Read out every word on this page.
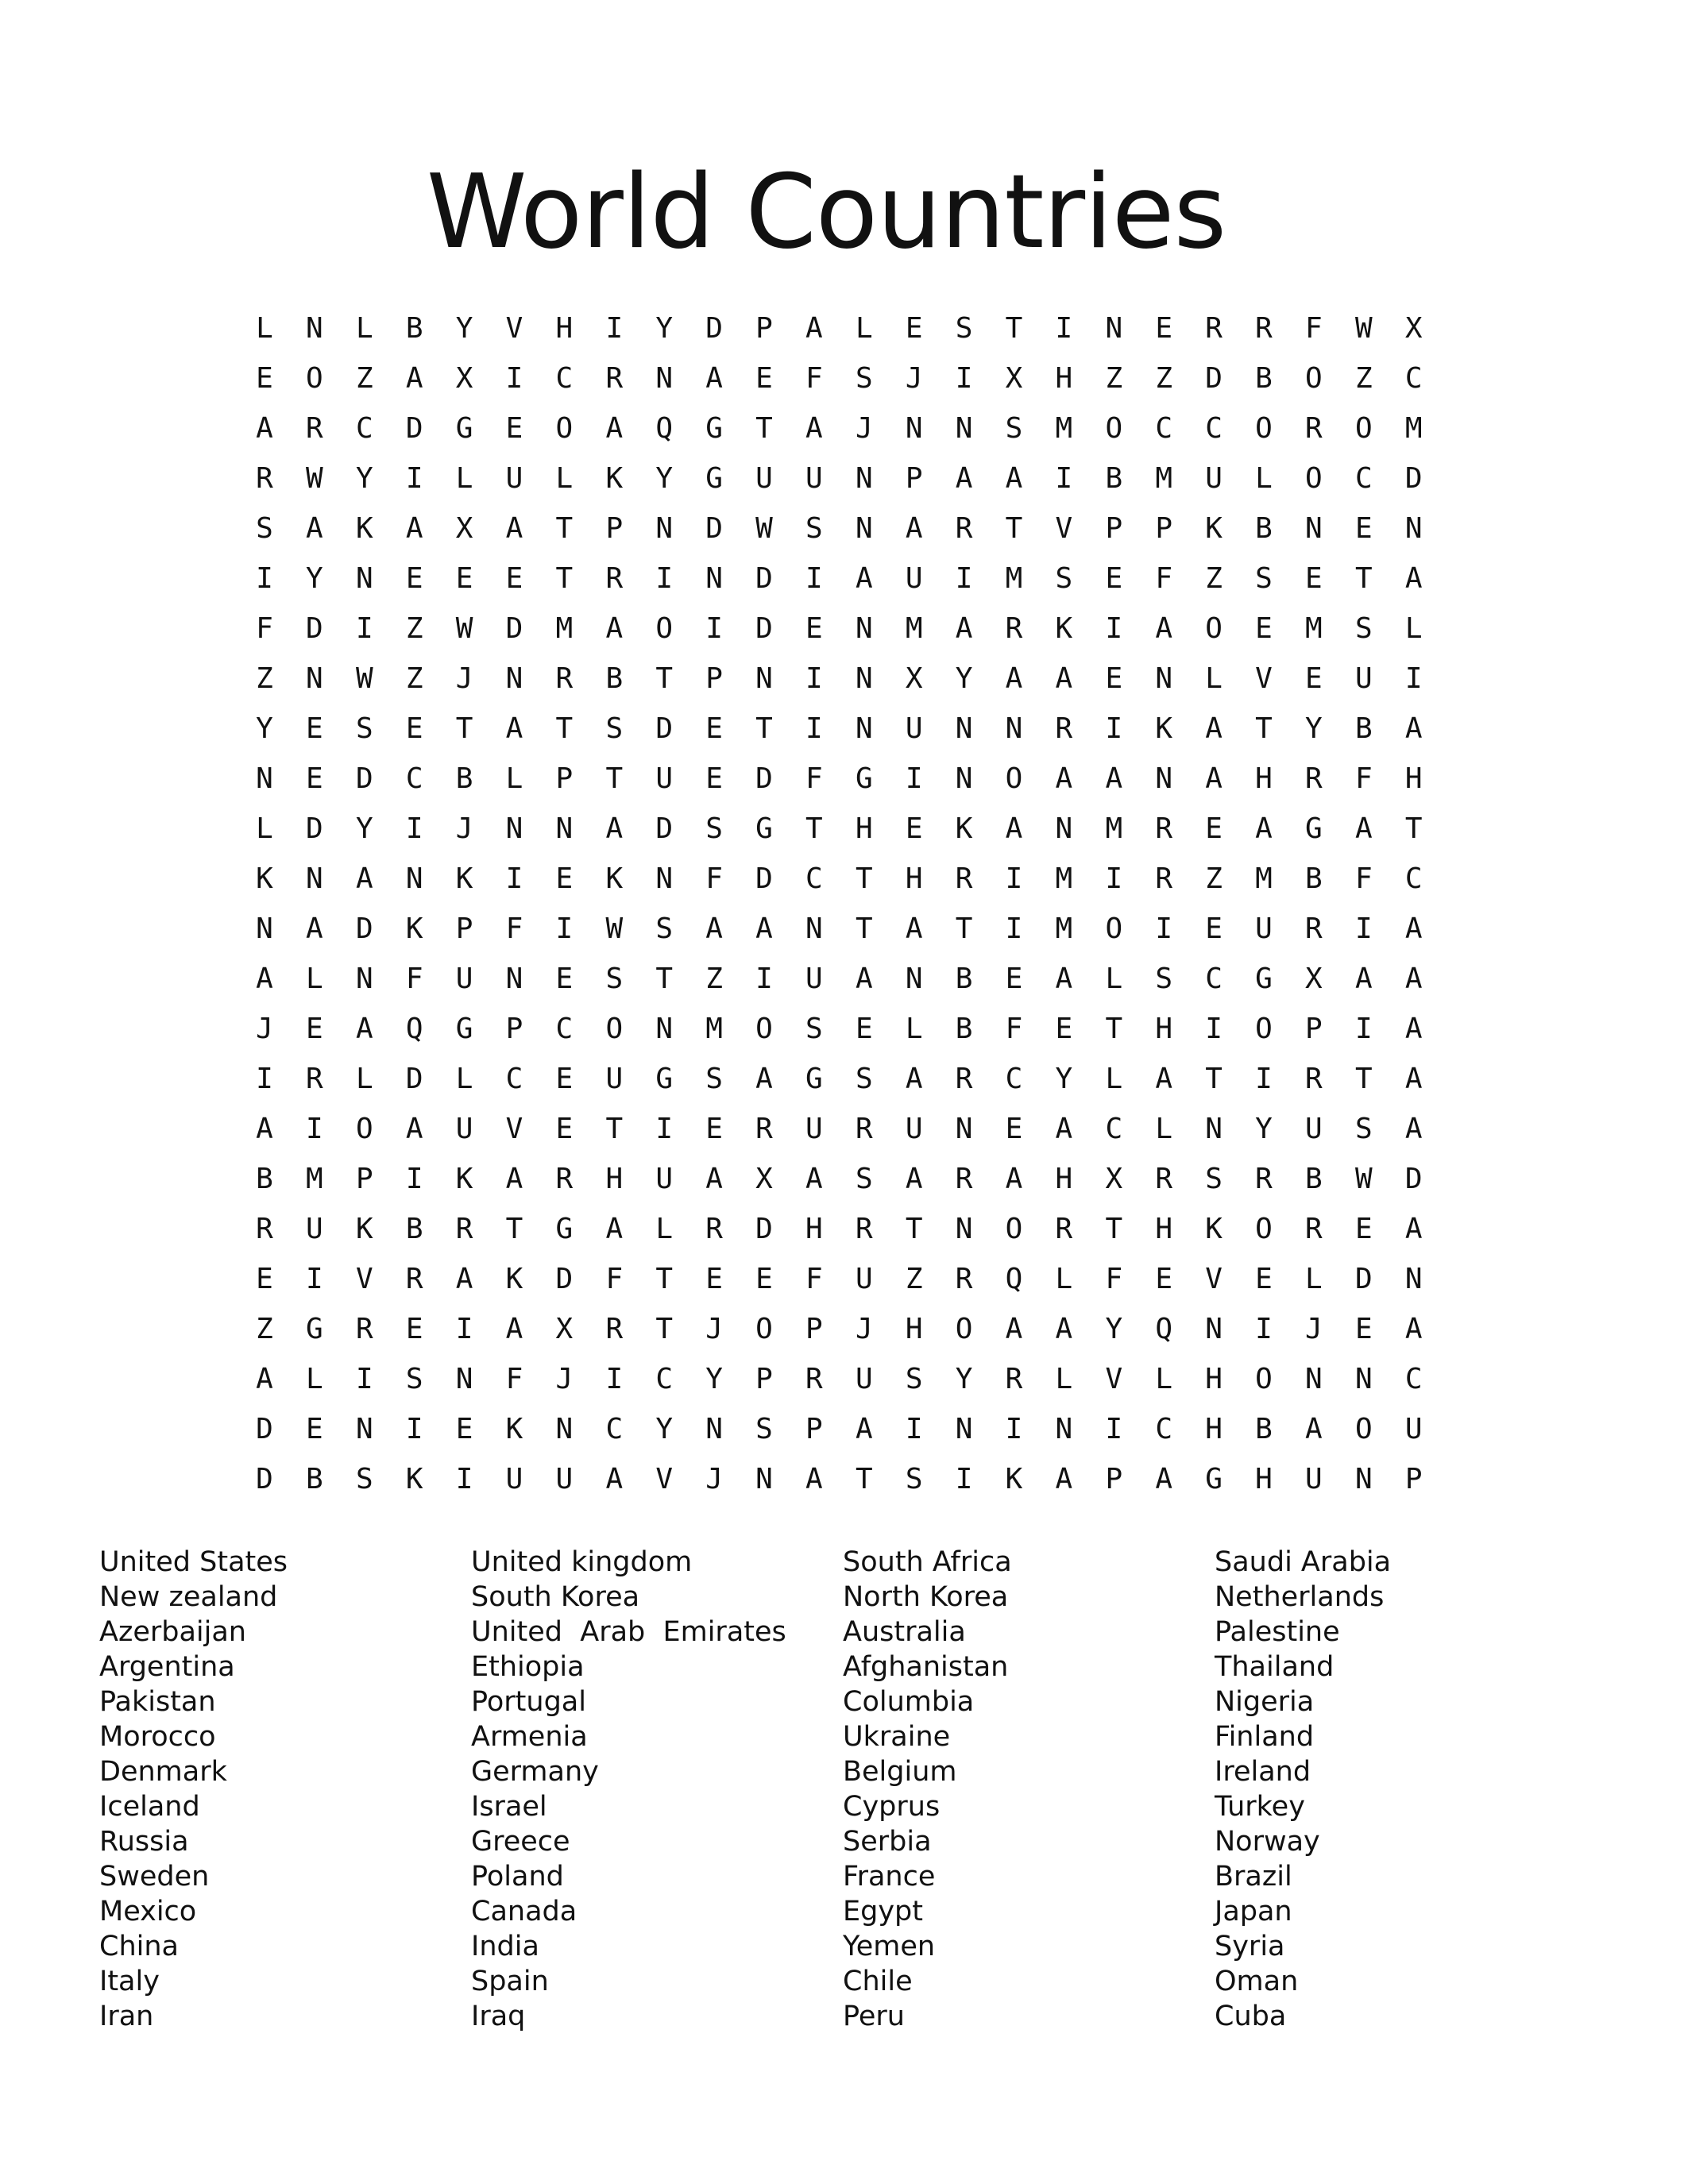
World Countries
L N L B Y V H I Y D P A L E S T I N E R R F W X
E O Z A X I C R N A E F S J I X H Z Z D B O Z C
A R C D G E O A Q G T A J N N S M O C C O R O M
R W Y I L U L K Y G U U N P A A I B M U L O C D
S A K A X A T P N D W S N A R T V P P K B N E N
I Y N E E E T R I N D I A U I M S E F Z S E T A
F D I Z W D M A O I D E N M A R K I A O E M S L
Z N W Z J N R B T P N I N X Y A A E N L V E U I
Y E S E T A T S D E T I N U N N R I K A T Y B A
N E D C B L P T U E D F G I N O A A N A H R F H
L D Y I J N N A D S G T H E K A N M R E A G A T
K N A N K I E K N F D C T H R I M I R Z M B F C
N A D K P F I W S A A N T A T I M O I E U R I A
A L N F U N E S T Z I U A N B E A L S C G X A A
J E A Q G P C O N M O S E L B F E T H I O P I A
I R L D L C E U G S A G S A R C Y L A T I R T A
A I O A U V E T I E R U R U N E A C L N Y U S A
B M P I K A R H U A X A S A R A H X R S R B W D
R U K B R T G A L R D H R T N O R T H K O R E A
E I V R A K D F T E E F U Z R Q L F E V E L D N
Z G R E I A X R T J O P J H O A A Y Q N I J E A
A L I S N F J I C Y P R U S Y R L V L H O N N C
D E N I E K N C Y N S P A I N I N I C H B A O U
D B S K I U U A V J N A T S I K A P A G H U N P
United States
New zealand
Azerbaijan
Argentina
Pakistan
Morocco
Denmark
Iceland
Russia
Sweden
Mexico
China
Italy
Iran
United kingdom
South Korea
United  Arab  Emirates
Ethiopia
Portugal
Armenia
Germany
Israel
Greece
Poland
Canada
India
Spain
Iraq
South Africa
North Korea
Australia
Afghanistan
Columbia
Ukraine
Belgium
Cyprus
Serbia
France
Egypt
Yemen
Chile
Peru
Saudi Arabia
Netherlands
Palestine
Thailand
Nigeria
Finland
Ireland
Turkey
Norway
Brazil
Japan
Syria
Oman
Cuba
